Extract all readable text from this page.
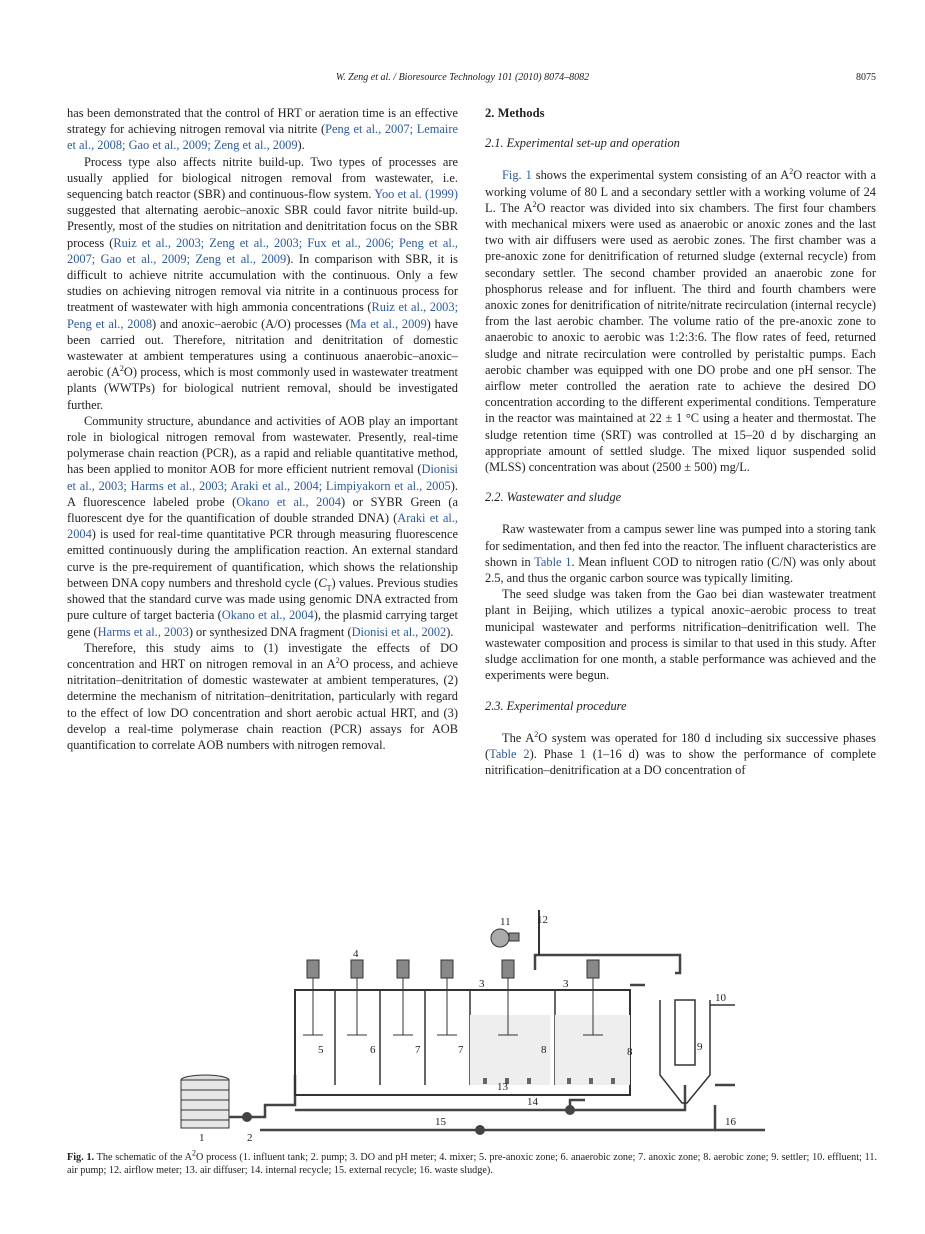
W. Zeng et al. / Bioresource Technology 101 (2010) 8074–8082	8075

has been demonstrated that the control of HRT or aeration time is an effective strategy for achieving nitrogen removal via nitrite (Peng et al., 2007; Lemaire et al., 2008; Gao et al., 2009; Zeng et al., 2009).

Process type also affects nitrite build-up. Two types of processes are usually applied for biological nitrogen removal from wastewater, i.e. sequencing batch reactor (SBR) and continuous-flow system. Yoo et al. (1999) suggested that alternating aerobic–anoxic SBR could favor nitrite build-up. Presently, most of the studies on nitritation and denitritation focus on the SBR process (Ruiz et al., 2003; Zeng et al., 2003; Fux et al., 2006; Peng et al., 2007; Gao et al., 2009; Zeng et al., 2009). In comparison with SBR, it is difficult to achieve nitrite accumulation with the continuous. Only a few studies on achieving nitrogen removal via nitrite in a continuous process for treatment of wastewater with high ammonia concentrations (Ruiz et al., 2003; Peng et al., 2008) and anoxic–aerobic (A/O) processes (Ma et al., 2009) have been carried out. Therefore, nitritation and denitritation of domestic wastewater at ambient temperatures using a continuous anaerobic–anoxic–aerobic $(A^2O)$ process, which is most commonly used in wastewater treatment plants (WWTPs) for biological nutrient removal, should be investigated further.

Community structure, abundance and activities of AOB play an important role in biological nitrogen removal from wastewater. Presently, real-time polymerase chain reaction (PCR), as a rapid and reliable quantitative method, has been applied to monitor AOB for more efficient nutrient removal (Dionisi et al., 2003; Harms et al., 2003; Araki et al., 2004; Limpiyakorn et al., 2005). A fluorescence labeled probe (Okano et al., 2004) or SYBR Green (a fluorescent dye for the quantification of double stranded DNA) (Araki et al., 2004) is used for real-time quantitative PCR through measuring fluorescence emitted continuously during the amplification reaction. An external standard curve is the pre-requirement of quantification, which shows the relationship between DNA copy numbers and threshold cycle $(C_T)$ values. Previous studies showed that the standard curve was made using genomic DNA extracted from pure culture of target bacteria (Okano et al., 2004), the plasmid carrying target gene (Harms et al., 2003) or synthesized DNA fragment (Dionisi et al., 2002).

Therefore, this study aims to (1) investigate the effects of DO concentration and HRT on nitrogen removal in an $A^2O$ process, and achieve nitritation–denitritation of domestic wastewater at ambient temperatures, (2) determine the mechanism of nitritation–denitritation, particularly with regard to the effect of low DO concentration and short aerobic actual HRT, and (3) develop a real-time polymerase chain reaction (PCR) assays for AOB quantification to correlate AOB numbers with nitrogen removal.

2. Methods
2.1. Experimental set-up and operation

Fig. 1 shows the experimental system consisting of an $A^2O$ reactor with a working volume of 80 L and a secondary settler with a working volume of 24 L. The $A^2O$ reactor was divided into six chambers. The first four chambers with mechanical mixers were used as anaerobic or anoxic zones and the last two with air diffusers were used as aerobic zones. The first chamber was a pre-anoxic zone for denitrification of returned sludge (external recycle) from secondary settler. The second chamber provided an anaerobic zone for phosphorus release and for influent. The third and fourth chambers were anoxic zones for denitrification of nitrite/nitrate recirculation (internal recycle) from the last aerobic chamber. The volume ratio of the pre-anoxic zone to anaerobic to anoxic to aerobic was 1:2:3:6. The flow rates of feed, returned sludge and nitrate recirculation were controlled by peristaltic pumps. Each aerobic chamber was equipped with one DO probe and one pH sensor. The airflow meter controlled the aeration rate to achieve the desired DO concentration according to the different experimental conditions. Temperature in the reactor was maintained at 22 ± 1 °C using a heater and thermostat. The sludge retention time (SRT) was controlled at 15–20 d by discharging an appropriate amount of settled sludge. The mixed liquor suspended solid (MLSS) concentration was about (2500 ± 500) mg/L.

2.2. Wastewater and sludge

Raw wastewater from a campus sewer line was pumped into a storing tank for sedimentation, and then fed into the reactor. The influent characteristics are shown in Table 1. Mean influent COD to nitrogen ratio (C/N) was only about 2.5, and thus the organic carbon source was typically limiting.

The seed sludge was taken from the Gao bei dian wastewater treatment plant in Beijing, which utilizes a typical anoxic–aerobic process to treat municipal wastewater and performs nitrification–denitrification well. The wastewater composition and process is similar to that used in this study. After sludge acclimation for one month, a stable performance was achieved and the experiments were begun.

2.3. Experimental procedure

The $A^2O$ system was operated for 180 d including six successive phases (Table 2). Phase 1 (1–16 d) was to show the performance of complete nitrification–denitrification at a DO concentration of

1	2
3	3
4
5	6	7	7	8	8	9
10
11 12
13
14
15	16
Fig. 1. The schematic of the $A^2O$ process (1. influent tank; 2. pump; 3. DO and pH meter; 4. mixer; 5. pre-anoxic zone; 6. anaerobic zone; 7. anoxic zone; 8. aerobic zone; 9. settler; 10. effluent; 11. air pump; 12. airflow meter; 13. air diffuser; 14. internal recycle; 15. external recycle; 16. waste sludge).
